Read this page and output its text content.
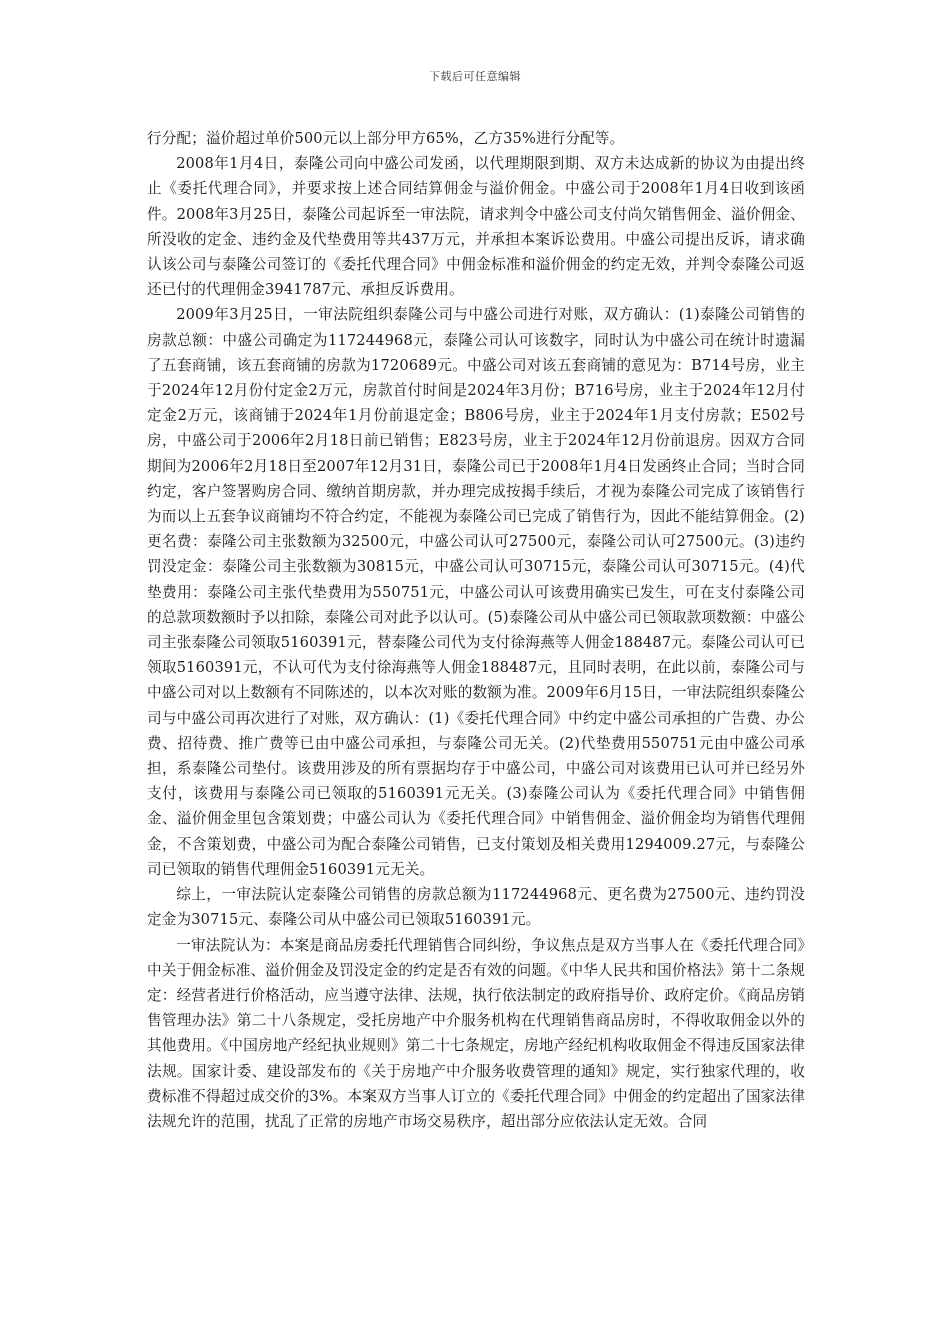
下载后可任意编辑

行分配；溢价超过单价500元以上部分甲方65%，乙方35%进行分配等。

2008年1月4日，泰隆公司向中盛公司发函，以代理期限到期、双方未达成新的协议为由提出终止《委托代理合同》，并要求按上述合同结算佣金与溢价佣金。中盛公司于2008年1月4日收到该函件。2008年3月25日，泰隆公司起诉至一审法院，请求判令中盛公司支付尚欠销售佣金、溢价佣金、所没收的定金、违约金及代垫费用等共437万元，并承担本案诉讼费用。中盛公司提出反诉，请求确认该公司与泰隆公司签订的《委托代理合同》中佣金标准和溢价佣金的约定无效，并判令泰隆公司返还已付的代理佣金3941787元、承担反诉费用。

2009年3月25日，一审法院组织泰隆公司与中盛公司进行对账，双方确认：(1)泰隆公司销售的房款总额：中盛公司确定为117244968元，泰隆公司认可该数字，同时认为中盛公司在统计时遗漏了五套商铺，该五套商铺的房款为1720689元。中盛公司对该五套商铺的意见为：B714号房，业主于2024年12月份付定金2万元，房款首付时间是2024年3月份；B716号房，业主于2024年12月付定金2万元，该商铺于2024年1月份前退定金；B806号房，业主于2024年1月支付房款；E502号房，中盛公司于2006年2月18日前已销售；E823号房，业主于2024年12月份前退房。因双方合同期间为2006年2月18日至2007年12月31日，泰隆公司已于2008年1月4日发函终止合同；当时合同约定，客户签署购房合同、缴纳首期房款，并办理完成按揭手续后，才视为泰隆公司完成了该销售行为而以上五套争议商铺均不符合约定，不能视为泰隆公司已完成了销售行为，因此不能结算佣金。(2)更名费：泰隆公司主张数额为32500元，中盛公司认可27500元，泰隆公司认可27500元。(3)违约罚没定金：泰隆公司主张数额为30815元，中盛公司认可30715元，泰隆公司认可30715元。(4)代垫费用：泰隆公司主张代垫费用为550751元，中盛公司认可该费用确实已发生，可在支付泰隆公司的总款项数额时予以扣除，泰隆公司对此予以认可。(5)泰隆公司从中盛公司已领取款项数额：中盛公司主张泰隆公司领取5160391元，替泰隆公司代为支付徐海燕等人佣金188487元。泰隆公司认可已领取5160391元，不认可代为支付徐海燕等人佣金188487元，且同时表明，在此以前，泰隆公司与中盛公司对以上数额有不同陈述的，以本次对账的数额为准。2009年6月15日，一审法院组织泰隆公司与中盛公司再次进行了对账，双方确认：(1)《委托代理合同》中约定中盛公司承担的广告费、办公费、招待费、推广费等已由中盛公司承担，与泰隆公司无关。(2)代垫费用550751元由中盛公司承担，系泰隆公司垫付。该费用涉及的所有票据均存于中盛公司，中盛公司对该费用已认可并已经另外支付，该费用与泰隆公司已领取的5160391元无关。(3)泰隆公司认为《委托代理合同》中销售佣金、溢价佣金里包含策划费；中盛公司认为《委托代理合同》中销售佣金、溢价佣金均为销售代理佣金，不含策划费，中盛公司为配合泰隆公司销售，已支付策划及相关费用1294009.27元，与泰隆公司已领取的销售代理佣金5160391元无关。

综上，一审法院认定泰隆公司销售的房款总额为117244968元、更名费为27500元、违约罚没定金为30715元、泰隆公司从中盛公司已领取5160391元。

一审法院认为：本案是商品房委托代理销售合同纠纷，争议焦点是双方当事人在《委托代理合同》中关于佣金标准、溢价佣金及罚没定金的约定是否有效的问题。《中华人民共和国价格法》第十二条规定：经营者进行价格活动，应当遵守法律、法规，执行依法制定的政府指导价、政府定价。《商品房销售管理办法》第二十八条规定，受托房地产中介服务机构在代理销售商品房时，不得收取佣金以外的其他费用。《中国房地产经纪执业规则》第二十七条规定，房地产经纪机构收取佣金不得违反国家法律法规。国家计委、建设部发布的《关于房地产中介服务收费管理的通知》规定，实行独家代理的，收费标准不得超过成交价的3%。本案双方当事人订立的《委托代理合同》中佣金的约定超出了国家法律法规允许的范围，扰乱了正常的房地产市场交易秩序，超出部分应依法认定无效。合同
